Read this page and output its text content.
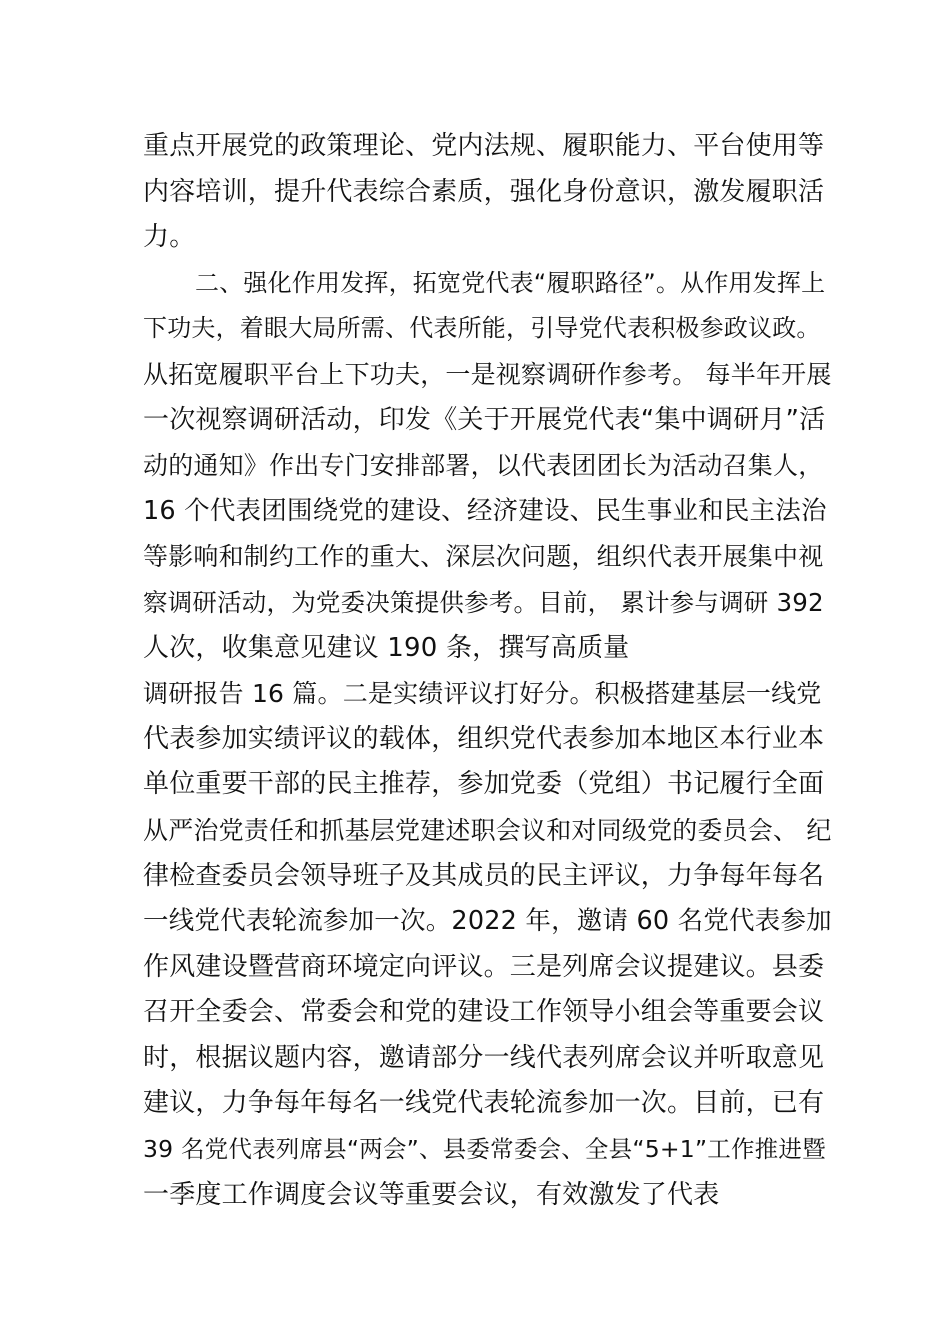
重点开展党的政策理论、党内法规、履职能力、平台使用等
内容培训，提升代表综合素质，强化身份意识，激发履职活
力。
二、强化作用发挥，拓宽党代表“履职路径”。从作用发挥上
下功夫，着眼大局所需、代表所能，引导党代表积极参政议政。
从拓宽履职平台上下功夫，一是视察调研作参考。 每半年开展
一次视察调研活动，印发《关于开展党代表“集中调研月”活
动的通知》作出专门安排部署，以代表团团长为活动召集人，
16 个代表团围绕党的建设、经济建设、民生事业和民主法治
等影响和制约工作的重大、深层次问题，组织代表开展集中视
察调研活动，为党委决策提供参考。目前， 累计参与调研 392
人次，收集意见建议 190 条，撰写高质量
调研报告 16 篇。二是实绩评议打好分。积极搭建基层一线党
代表参加实绩评议的载体，组织党代表参加本地区本行业本
单位重要干部的民主推荐，参加党委（党组）书记履行全面
从严治党责任和抓基层党建述职会议和对同级党的委员会、 纪
律检查委员会领导班子及其成员的民主评议，力争每年每名
一线党代表轮流参加一次。2022 年，邀请 60 名党代表参加
作风建设暨营商环境定向评议。三是列席会议提建议。县委
召开全委会、常委会和党的建设工作领导小组会等重要会议
时，根据议题内容，邀请部分一线代表列席会议并听取意见
建议，力争每年每名一线党代表轮流参加一次。目前，已有
39 名党代表列席县“两会”、县委常委会、全县“5+1”工作推进暨
一季度工作调度会议等重要会议，有效激发了代表
